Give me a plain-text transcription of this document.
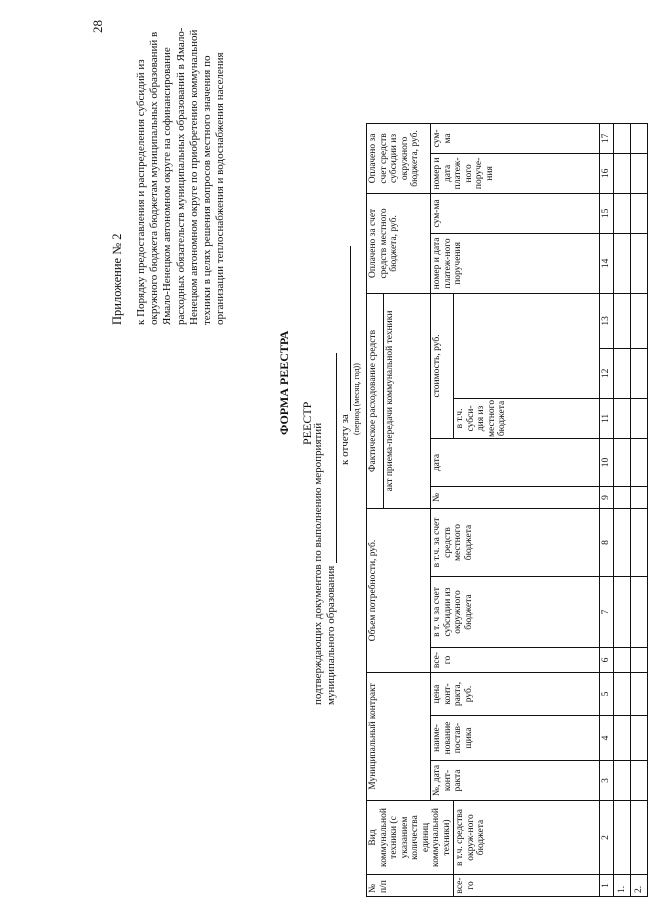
28
Приложение № 2 к Порядку предоставления и распределения субсидий из окружного бюджета бюджетам муниципальных образований в Ямало-Ненецком автономном округе на софинансирование расходных обязательств муниципальных образований в Ямало-Ненецком автономном округе по приобретению коммунальной техники в целях решения вопросов местного значения по организации теплоснабжения и водоснабжения населения
ФОРМА РЕЕСТРА РЕЕСТР
подтверждающих документов по выполнению мероприятий муниципального образования
к отчету за
(период (месяц, год))
№ п/п	Вид коммунальной техники (с указанием количества единиц коммунальной техники)	Муниципальный контракт			Объем потребности, руб.			Фактическое расходование средств					Оплачено за счет средств местного бюджета, руб.		Оплачено за счет средств субсидии из окружного бюджета, руб.	
								акт приема-передачи коммунальной техники								
		№, дата конт-ракта	наиме-нование постав-щика	цена конт-ракта, руб.	все-го	в т. ч за счет субсидии из окружного бюджета	в т.ч. за счет средств местного бюджета	№	дата	стоимость, руб.			номер и дата платеж-ного поручения	сум-ма	номер и дата платеж-ного поруче-ния	сум-ма
все-го	в т.ч. средства окруж-ного бюджета									в т.ч. субси-дия из местного бюджета						
1	2	3	4	5	6	7	8	9	10	11	12	13	14	15	16	17
1.																
2.																
